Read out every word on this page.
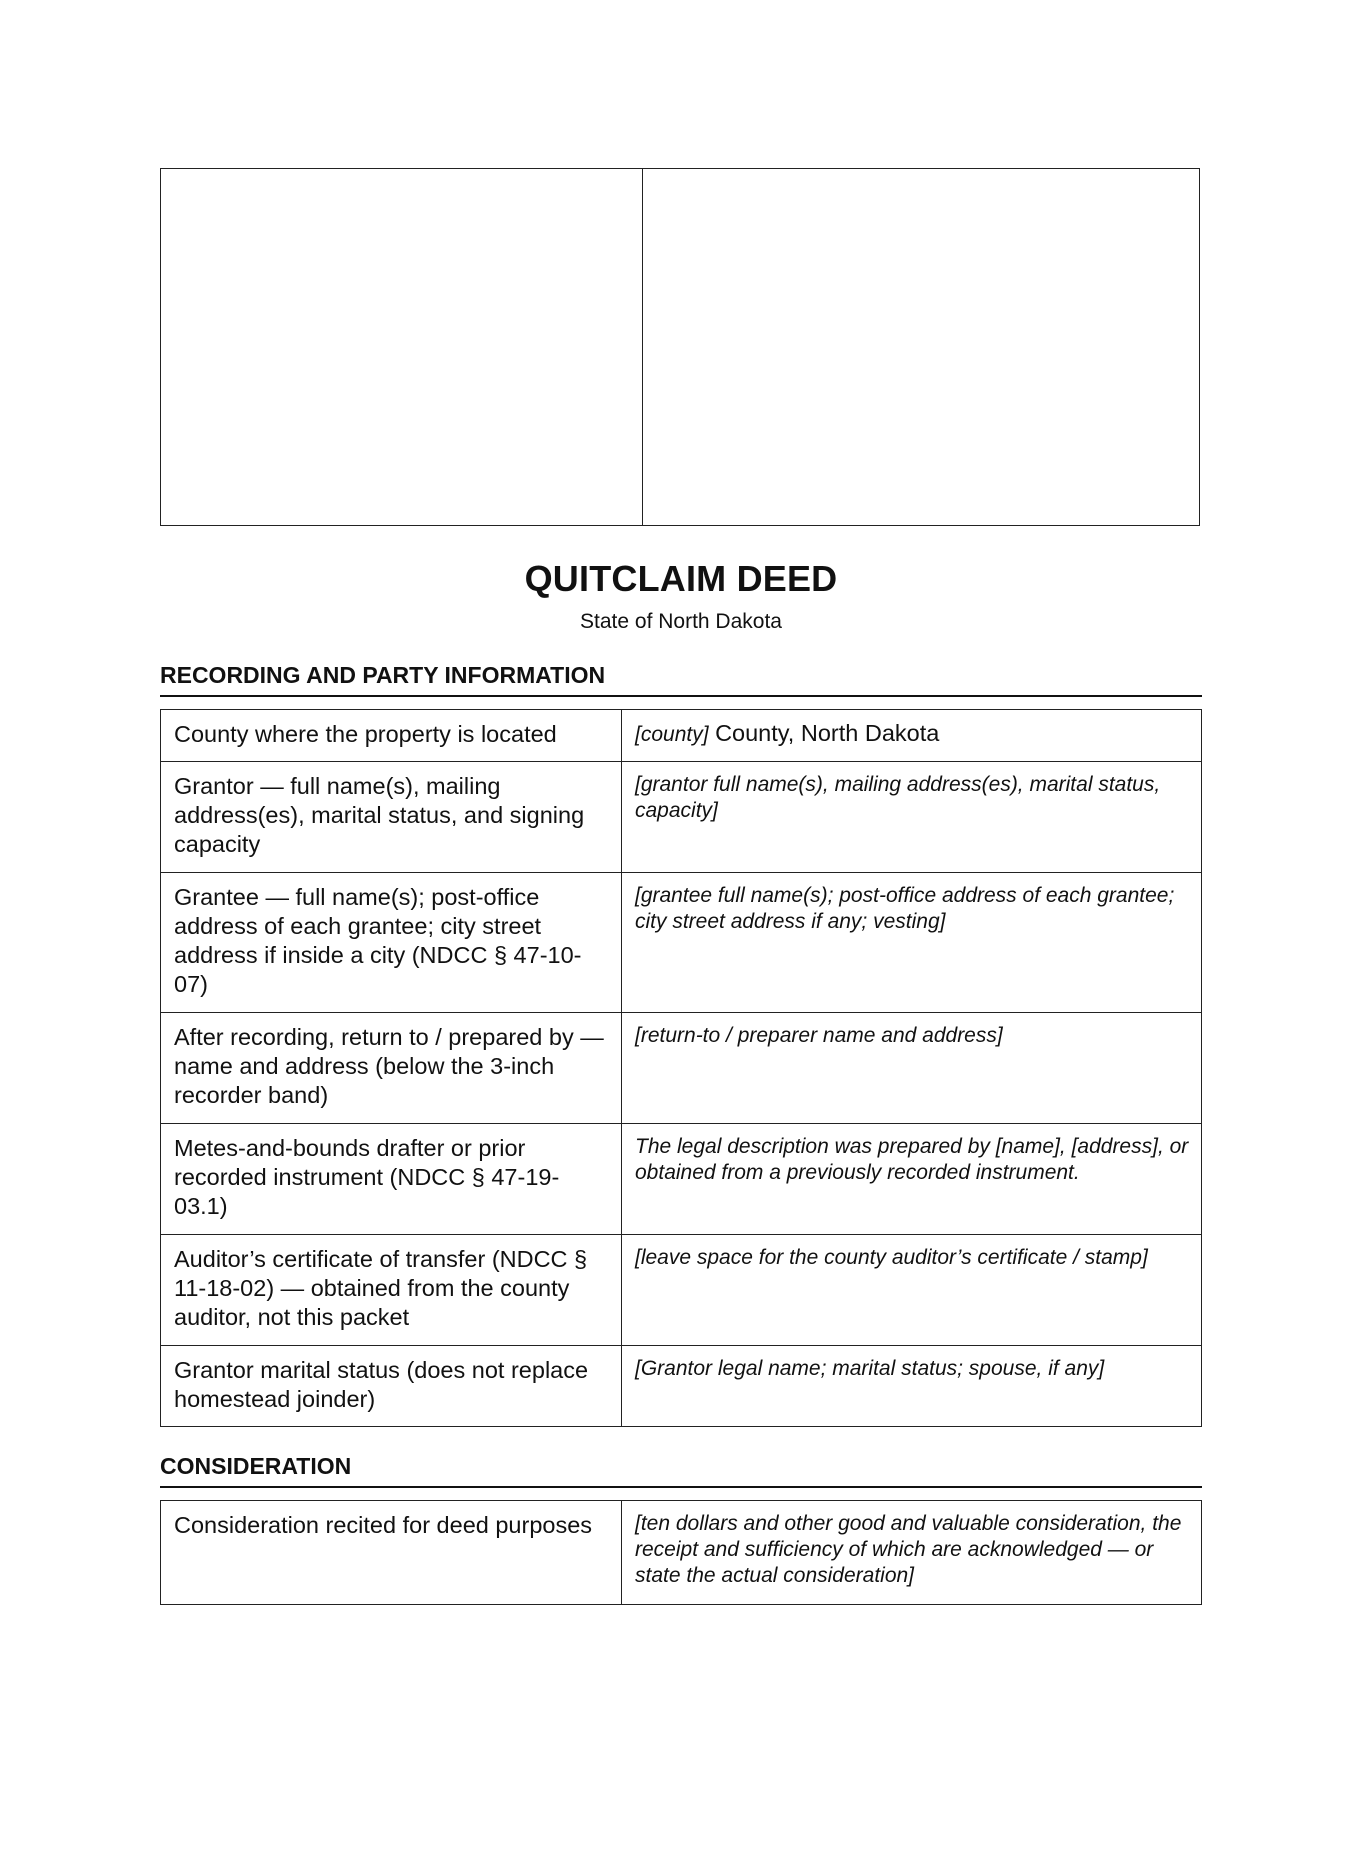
QUITCLAIM DEED
State of North Dakota
RECORDING AND PARTY INFORMATION
County where the property is located	[county] County, North Dakota
Grantor — full name(s), mailing address(es), marital status, and signing capacity	[grantor full name(s), mailing address(es), marital status, capacity]
Grantee — full name(s); post-office address of each grantee; city street address if inside a city (NDCC § 47-10-07)	[grantee full name(s); post-office address of each grantee; city street address if any; vesting]
After recording, return to / prepared by — name and address (below the 3-inch recorder band)	[return-to / preparer name and address]
Metes-and-bounds drafter or prior recorded instrument (NDCC § 47-19-03.1)	The legal description was prepared by [name], [address], or obtained from a previously recorded instrument.
Auditor’s certificate of transfer (NDCC § 11-18-02) — obtained from the county auditor, not this packet	[leave space for the county auditor’s certificate / stamp]
Grantor marital status (does not replace homestead joinder)	[Grantor legal name; marital status; spouse, if any]
CONSIDERATION
Consideration recited for deed purposes	[ten dollars and other good and valuable consideration, the receipt and sufficiency of which are acknowledged — or state the actual consideration]
